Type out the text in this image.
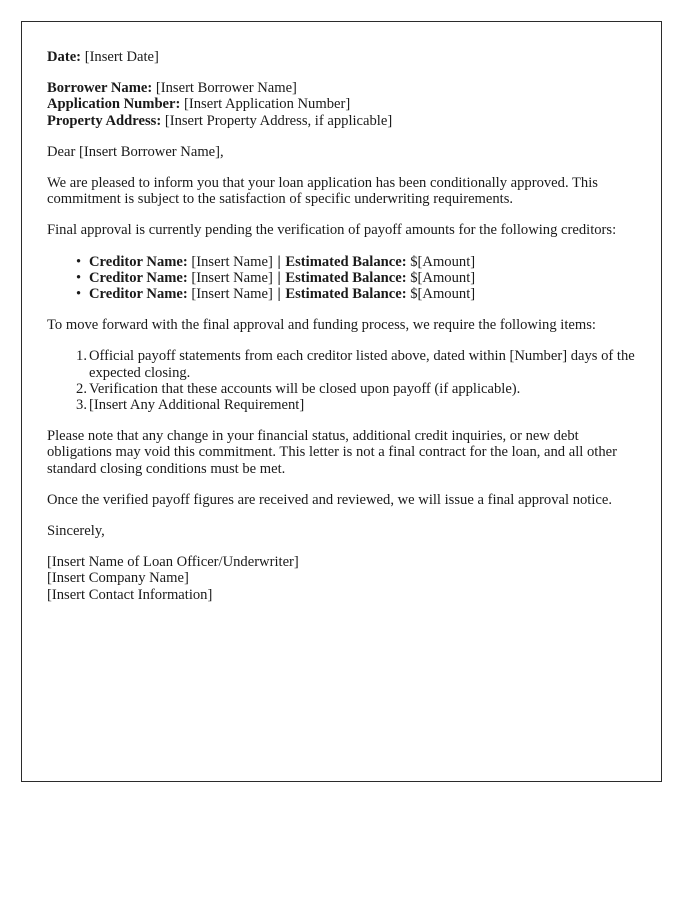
Date: [Insert Date]

Borrower Name: [Insert Borrower Name]

Application Number: [Insert Application Number]

Property Address: [Insert Property Address, if applicable]

Dear [Insert Borrower Name],

We are pleased to inform you that your loan application has been conditionally approved. This commitment is subject to the satisfaction of specific underwriting requirements.

Final approval is currently pending the verification of payoff amounts for the following creditors:

• Creditor Name: [Insert Name] | Estimated Balance: $[Amount]
• Creditor Name: [Insert Name] | Estimated Balance: $[Amount]
• Creditor Name: [Insert Name] | Estimated Balance: $[Amount]

To move forward with the final approval and funding process, we require the following items:

1. Official payoff statements from each creditor listed above, dated within [Number] days of the expected closing.
2. Verification that these accounts will be closed upon payoff (if applicable).
3. [Insert Any Additional Requirement]

Please note that any change in your financial status, additional credit inquiries, or new debt obligations may void this commitment. This letter is not a final contract for the loan, and all other standard closing conditions must be met.

Once the verified payoff figures are received and reviewed, we will issue a final approval notice.

Sincerely,

[Insert Name of Loan Officer/Underwriter]

[Insert Company Name]

[Insert Contact Information]
